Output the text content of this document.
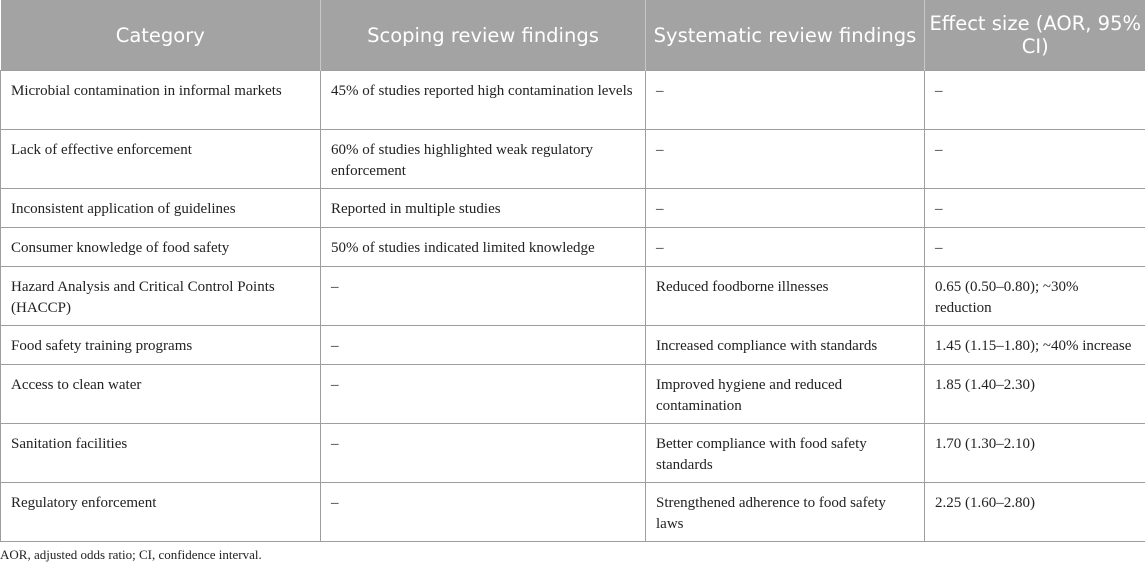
Category	Scoping review findings	Systematic review findings	Effect size (AOR, 95% CI)
Microbial contamination in informal markets	45% of studies reported high contamination levels	–	–
Lack of effective enforcement	60% of studies highlighted weak regulatory enforcement	–	–
Inconsistent application of guidelines	Reported in multiple studies	–	–
Consumer knowledge of food safety	50% of studies indicated limited knowledge	–	–
Hazard Analysis and Critical Control Points (HACCP)	–	Reduced foodborne illnesses	0.65 (0.50–0.80); ~30% reduction
Food safety training programs	–	Increased compliance with standards	1.45 (1.15–1.80); ~40% increase
Access to clean water	–	Improved hygiene and reduced contamination	1.85 (1.40–2.30)
Sanitation facilities	–	Better compliance with food safety standards	1.70 (1.30–2.10)
Regulatory enforcement	–	Strengthened adherence to food safety laws	2.25 (1.60–2.80)
AOR, adjusted odds ratio; CI, confidence interval.
